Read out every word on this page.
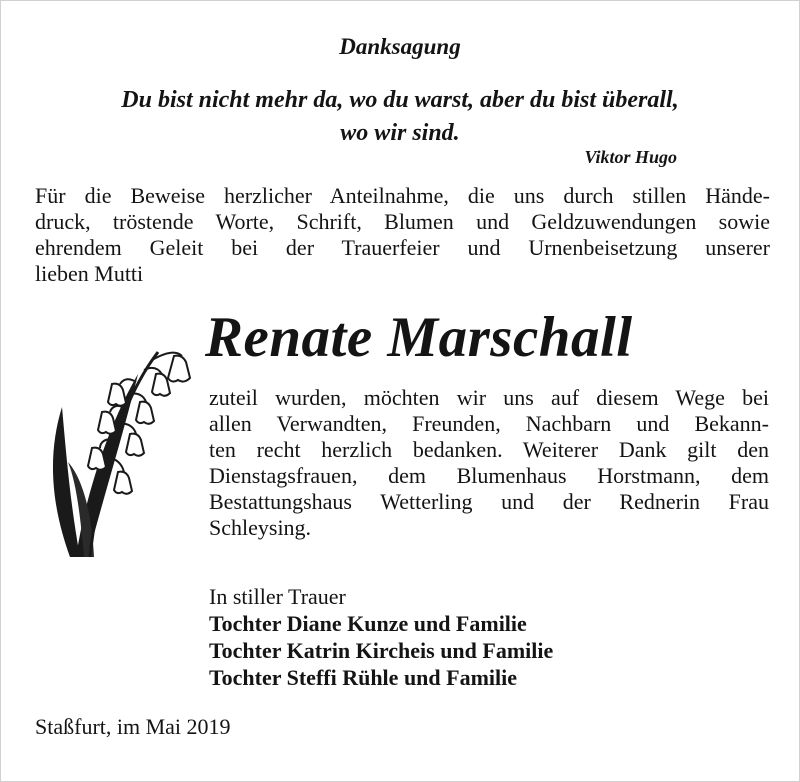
Danksagung
Du bist nicht mehr da, wo du warst, aber du bist überall,
wo wir sind.
Viktor Hugo
Für die Beweise herzlicher Anteilnahme, die uns durch stillen Hände-
druck, tröstende Worte, Schrift, Blumen und Geldzuwendungen sowie
ehrendem Geleit bei der Trauerfeier und Urnenbeisetzung unserer
lieben Mutti
Renate Marschall
zuteil wurden, möchten wir uns auf diesem Wege bei
allen Verwandten, Freunden, Nachbarn und Bekann-
ten recht herzlich bedanken. Weiterer Dank gilt den
Dienstagsfrauen, dem Blumenhaus Horstmann, dem
Bestattungshaus Wetterling und der Rednerin Frau
Schleysing.
In stiller Trauer
Tochter Diane Kunze und Familie
Tochter Katrin Kircheis und Familie
Tochter Steffi Rühle und Familie
Staßfurt, im Mai 2019
